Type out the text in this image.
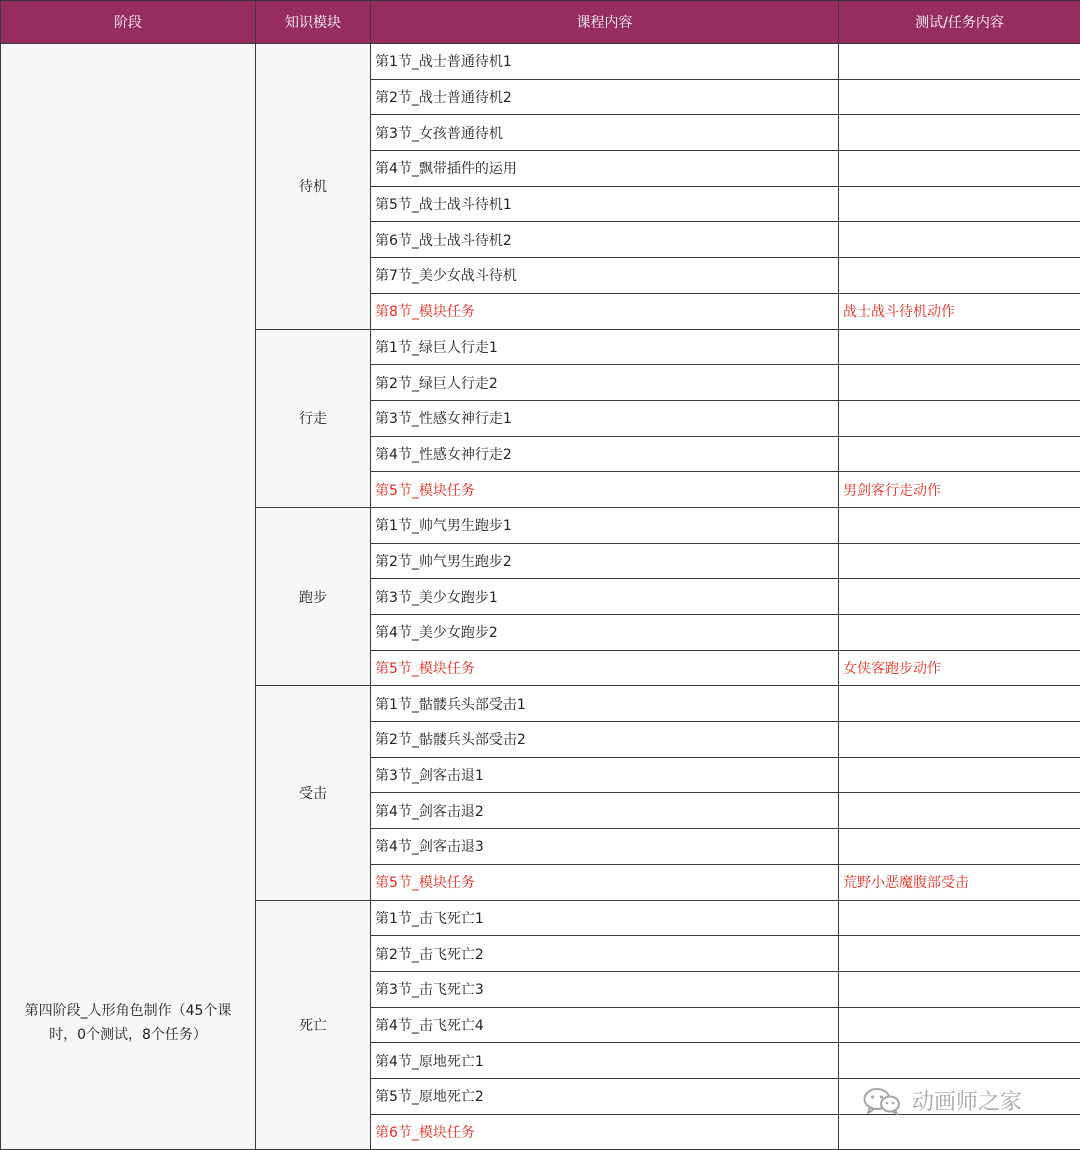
阶段	知识模块	课程内容	测试/任务内容

第四阶段_人形角色制作（45个课时，0个测试，8个任务）	待机	第1节_战士普通待机1	
		第2节_战士普通待机2	
		第3节_女孩普通待机	
		第4节_飘带插件的运用	
		第5节_战士战斗待机1	
		第6节_战士战斗待机2	
		第7节_美少女战斗待机	
		第8节_模块任务	战士战斗待机动作
	行走	第1节_绿巨人行走1	
		第2节_绿巨人行走2	
		第3节_性感女神行走1	
		第4节_性感女神行走2	
		第5节_模块任务	男剑客行走动作
	跑步	第1节_帅气男生跑步1	
		第2节_帅气男生跑步2	
		第3节_美少女跑步1	
		第4节_美少女跑步2	
		第5节_模块任务	女侠客跑步动作
	受击	第1节_骷髅兵头部受击1	
		第2节_骷髅兵头部受击2	
		第3节_剑客击退1	
		第4节_剑客击退2	
		第4节_剑客击退3	
		第5节_模块任务	荒野小恶魔腹部受击
	死亡	第1节_击飞死亡1	
		第2节_击飞死亡2	
		第3节_击飞死亡3	
		第4节_击飞死亡4	
		第4节_原地死亡1	
		第5节_原地死亡2	
		第6节_模块任务	
动画师之家
